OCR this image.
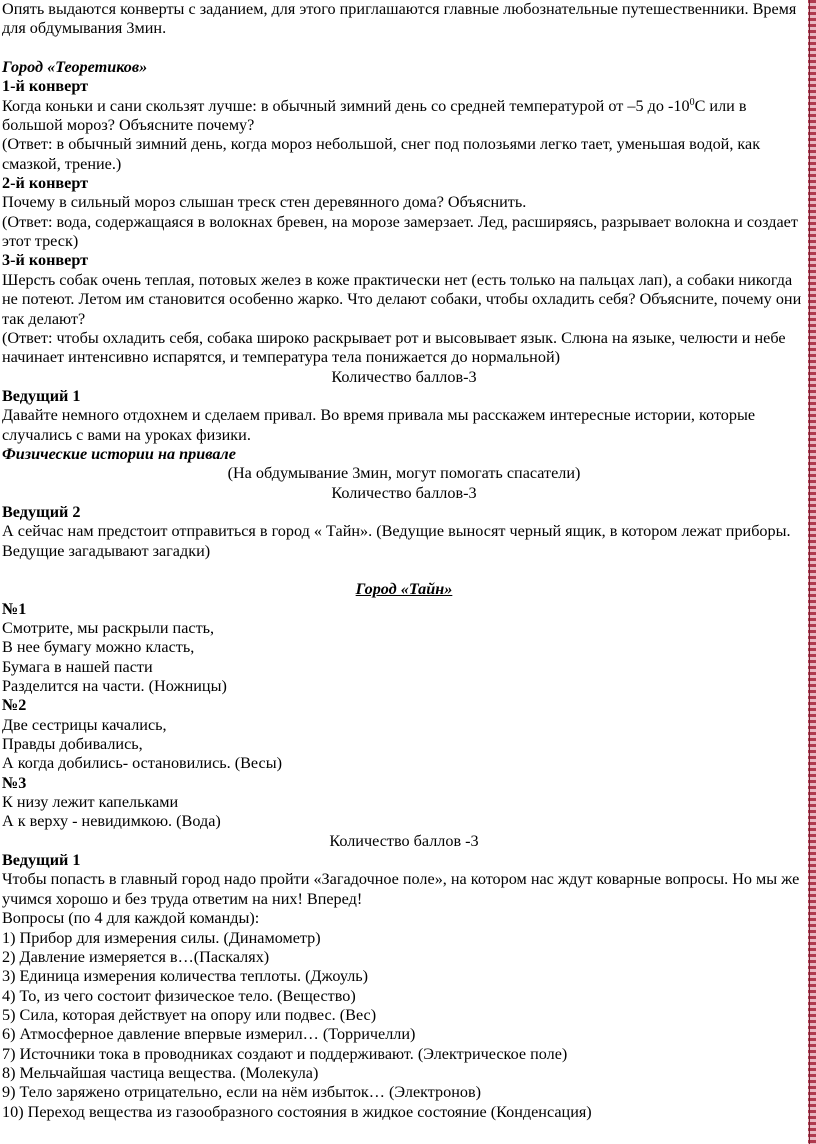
Опять выдаются конверты с заданием, для этого приглашаются главные любознательные путешественники. Время для обдумывания 3мин.

Город «Теоретиков»

1-й конверт

Когда коньки и сани скользят лучше: в обычный зимний день со средней температурой от –5 до $-10^0С$ или в большой мороз? Объясните почему?

(Ответ: в обычный зимний день, когда мороз небольшой, снег под полозьями легко тает, уменьшая водой, как смазкой, трение.)

2-й конверт

Почему в сильный мороз слышан треск стен деревянного дома? Объяснить.

(Ответ: вода, содержащаяся в волокнах бревен, на морозе замерзает. Лед, расширяясь, разрывает волокна и создает этот треск)

3-й конверт

Шерсть собак очень теплая, потовых желез в коже практически нет (есть только на пальцах лап), а собаки никогда не потеют. Летом им становится особенно жарко. Что делают собаки, чтобы охладить себя? Объясните, почему они так делают?

(Ответ: чтобы охладить себя, собака широко раскрывает рот и высовывает язык. Слюна на языке, челюсти и небе начинает интенсивно испарятся, и температура тела понижается до нормальной)

Количество баллов-3

Ведущий 1

Давайте немного отдохнем и сделаем привал. Во время привала мы расскажем интересные истории, которые случались с вами на уроках физики.

Физические истории на привале

(На обдумывание 3мин, могут помогать спасатели)

Количество баллов-3

Ведущий 2

А сейчас нам предстоит отправиться в город « Тайн». (Ведущие выносят черный ящик, в котором лежат приборы. Ведущие загадывают загадки)

Город «Тайн»

№1

Смотрите, мы раскрыли пасть,

В нее бумагу можно класть,

Бумага в нашей пасти

Разделится на части. (Ножницы)

№2

Две сестрицы качались,

Правды добивались,

А когда добились- остановились. (Весы)

№3

К низу лежит капельками

А к верху - невидимкою. (Вода)

Количество баллов -3

Ведущий 1

Чтобы попасть в главный город надо пройти «Загадочное поле», на котором нас ждут коварные вопросы. Но мы же учимся хорошо и без труда ответим на них! Вперед!

Вопросы (по 4 для каждой команды):

1) Прибор для измерения силы. (Динамометр)

2) Давление измеряется в…(Паскалях)

3) Единица измерения количества теплоты. (Джоуль)

4) То, из чего состоит физическое тело. (Вещество)

5) Сила, которая действует на опору или подвес. (Вес)

6) Атмосферное давление впервые измерил… (Торричелли)

7) Источники тока в проводниках создают и поддерживают. (Электрическое поле)

8) Мельчайшая частица вещества. (Молекула)

9) Тело заряжено отрицательно, если на нём избыток… (Электронов)

10) Переход вещества из газообразного состояния в жидкое состояние (Конденсация)
